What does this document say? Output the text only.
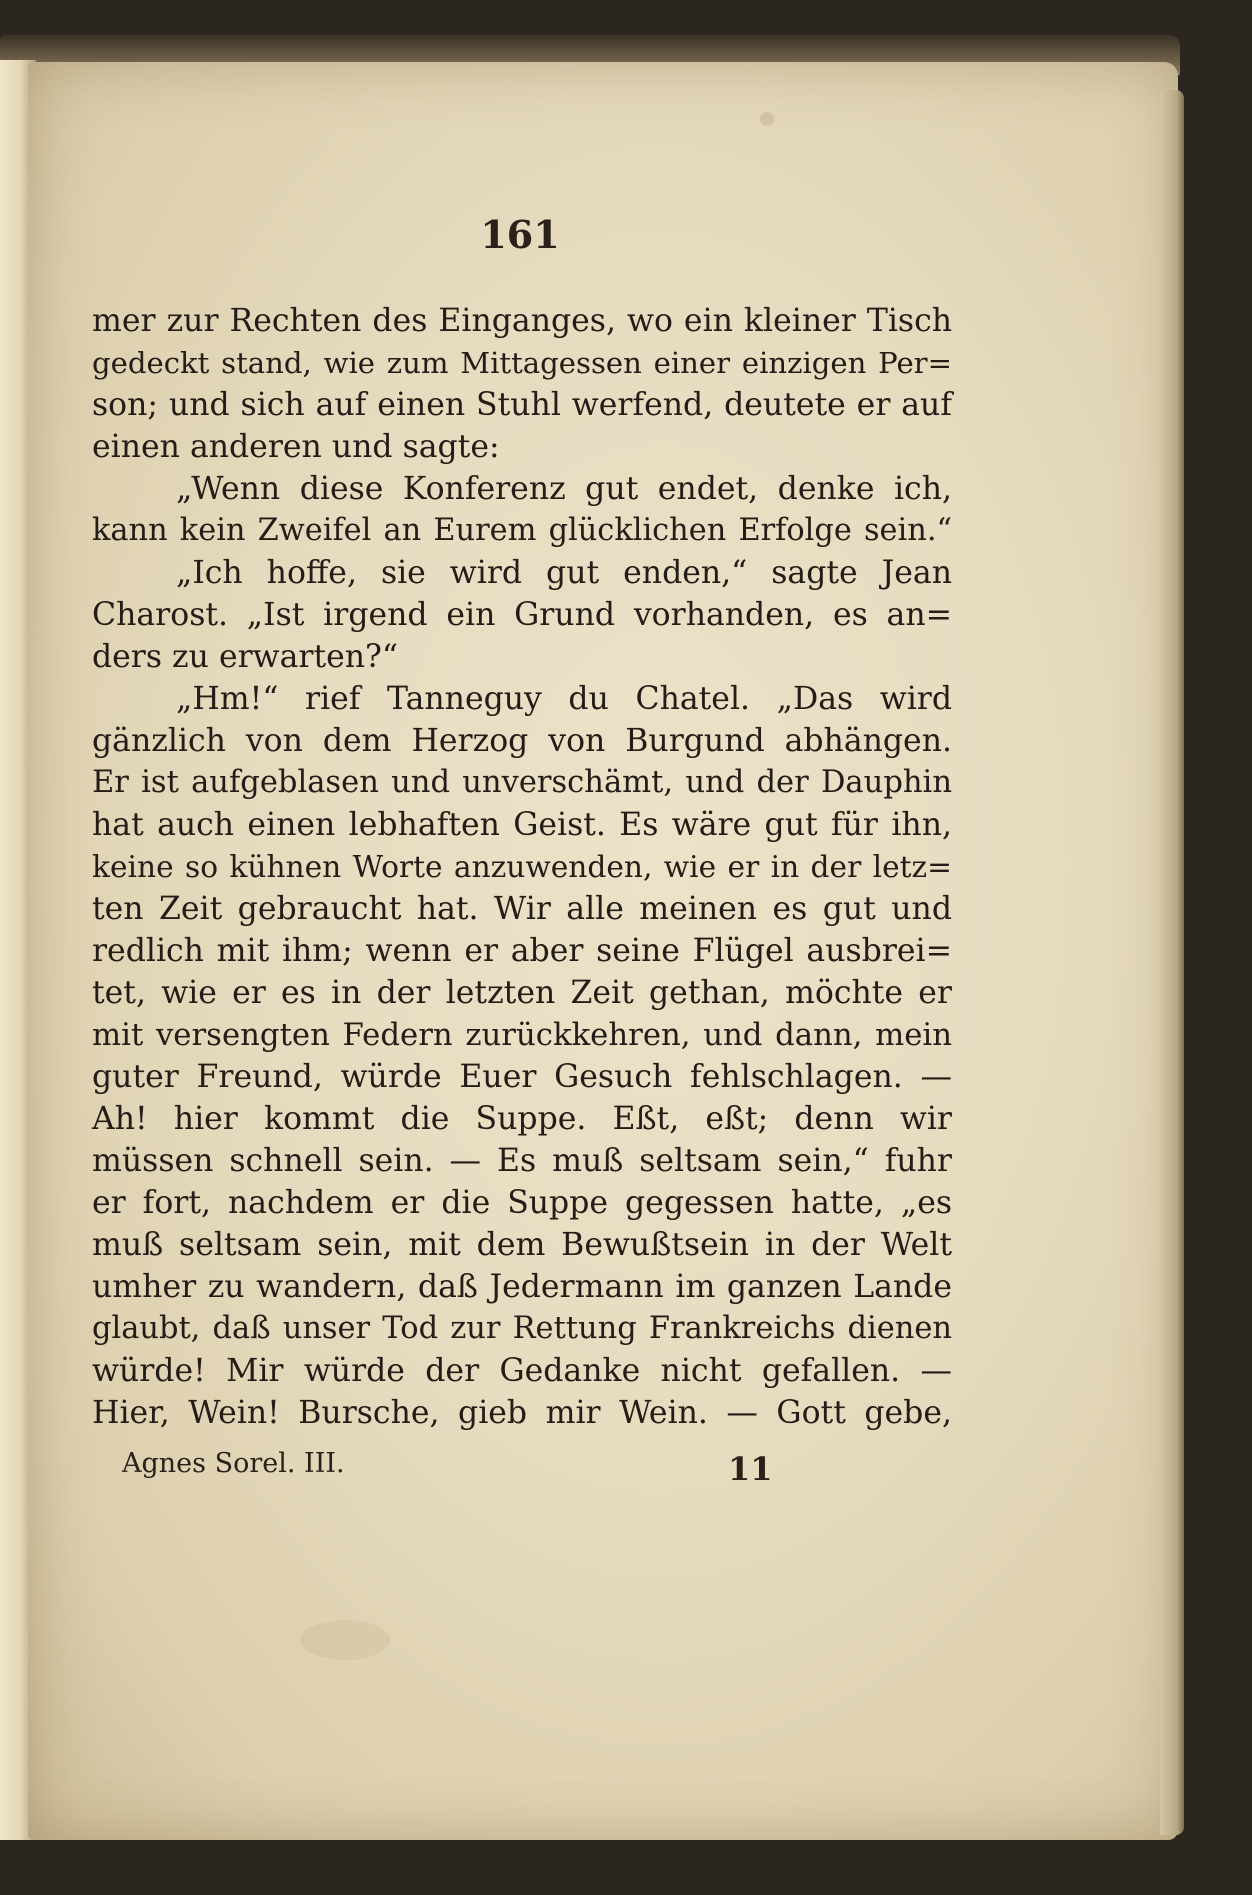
161
mer zur Rechten des Einganges, wo ein kleiner Tisch
gedeckt stand, wie zum Mittagessen einer einzigen Per=
son; und sich auf einen Stuhl werfend, deutete er auf
einen anderen und sagte:
„Wenn diese Konferenz gut endet, denke ich,
kann kein Zweifel an Eurem glücklichen Erfolge sein.“
„Ich hoffe, sie wird gut enden,“ sagte Jean
Charost. „Ist irgend ein Grund vorhanden, es an=
ders zu erwarten?“
„Hm!“ rief Tanneguy du Chatel. „Das wird
gänzlich von dem Herzog von Burgund abhängen.
Er ist aufgeblasen und unverschämt, und der Dauphin
hat auch einen lebhaften Geist. Es wäre gut für ihn,
keine so kühnen Worte anzuwenden, wie er in der letz=
ten Zeit gebraucht hat. Wir alle meinen es gut und
redlich mit ihm; wenn er aber seine Flügel ausbrei=
tet, wie er es in der letzten Zeit gethan, möchte er
mit versengten Federn zurückkehren, und dann, mein
guter Freund, würde Euer Gesuch fehlschlagen. —
Ah! hier kommt die Suppe. Eßt, eßt; denn wir
müssen schnell sein. — Es muß seltsam sein,“ fuhr
er fort, nachdem er die Suppe gegessen hatte, „es
muß seltsam sein, mit dem Bewußtsein in der Welt
umher zu wandern, daß Jedermann im ganzen Lande
glaubt, daß unser Tod zur Rettung Frankreichs dienen
würde! Mir würde der Gedanke nicht gefallen. —
Hier, Wein! Bursche, gieb mir Wein. — Gott gebe,
Agnes Sorel. III.	11
